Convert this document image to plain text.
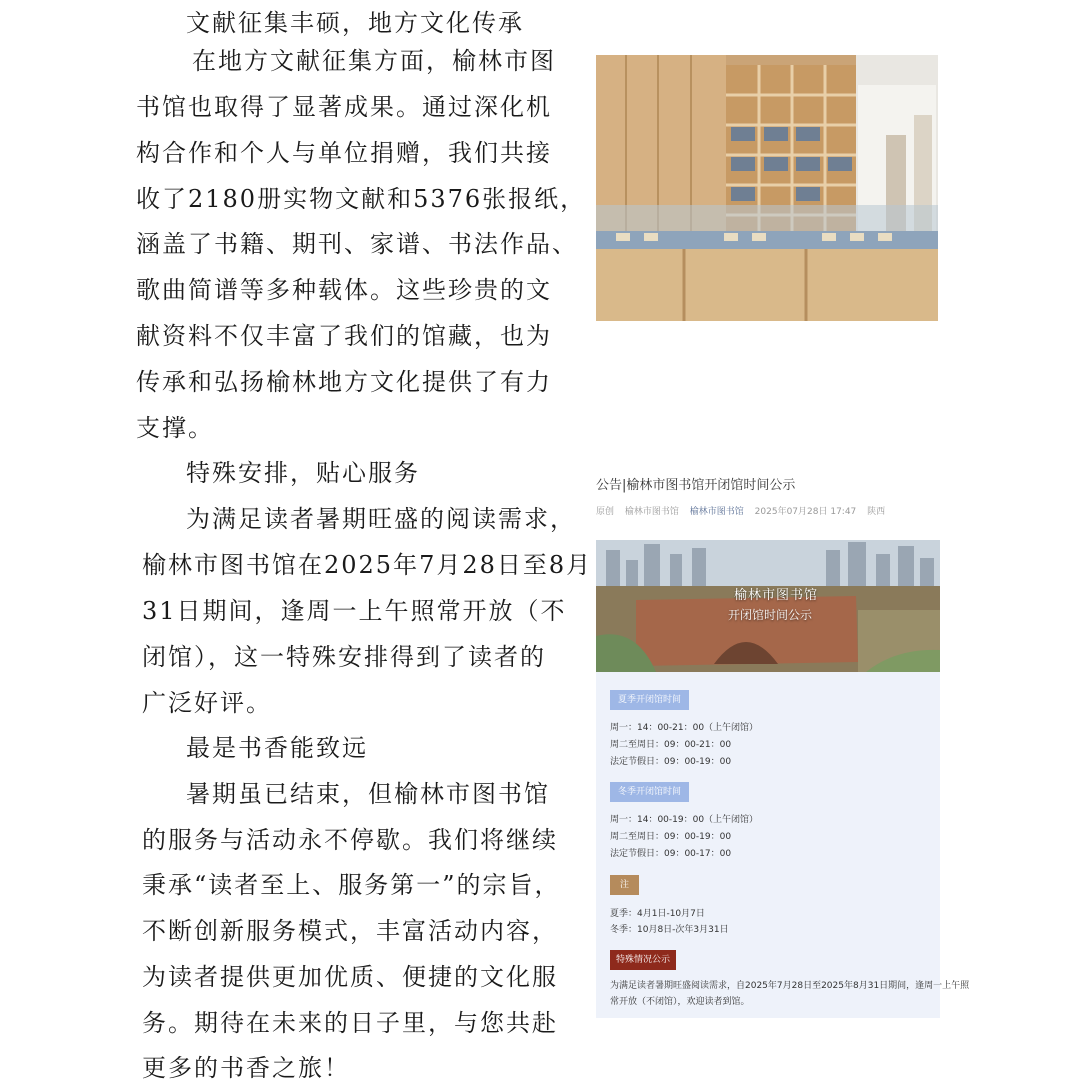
文献征集丰硕，地方文化传承
在地方文献征集方面，榆林市图
书馆也取得了显著成果。通过深化机
构合作和个人与单位捐赠，我们共接
收了2180册实物文献和5376张报纸，
涵盖了书籍、期刊、家谱、书法作品、
歌曲简谱等多种载体。这些珍贵的文
献资料不仅丰富了我们的馆藏，也为
传承和弘扬榆林地方文化提供了有力
支撑。
特殊安排，贴心服务
为满足读者暑期旺盛的阅读需求，
榆林市图书馆在2025年7月28日至8月
31日期间，逢周一上午照常开放（不
闭馆），这一特殊安排得到了读者的
广泛好评。
最是书香能致远
暑期虽已结束，但榆林市图书馆
的服务与活动永不停歇。我们将继续
秉承“读者至上、服务第一”的宗旨，
不断创新服务模式，丰富活动内容，
为读者提供更加优质、便捷的文化服
务。期待在未来的日子里，与您共赴
更多的书香之旅！
公告|榆林市图书馆开闭馆时间公示
原创 榆林市图书馆 榆林市图书馆 2025年07月28日 17:47 陕西
榆林市图书馆
开闭馆时间公示
夏季开闭馆时间
周一：14：00-21：00（上午闭馆）
周二至周日：09：00-21：00
法定节假日：09：00-19：00
冬季开闭馆时间
周一：14：00-19：00（上午闭馆）
周二至周日：09：00-19：00
法定节假日：09：00-17：00
注
夏季：4月1日-10月7日
冬季：10月8日-次年3月31日
特殊情况公示
为满足读者暑期旺盛阅读需求，自2025年7月28日至2025年8月31日期间，逢周一上午照
常开放（不闭馆），欢迎读者到馆。
